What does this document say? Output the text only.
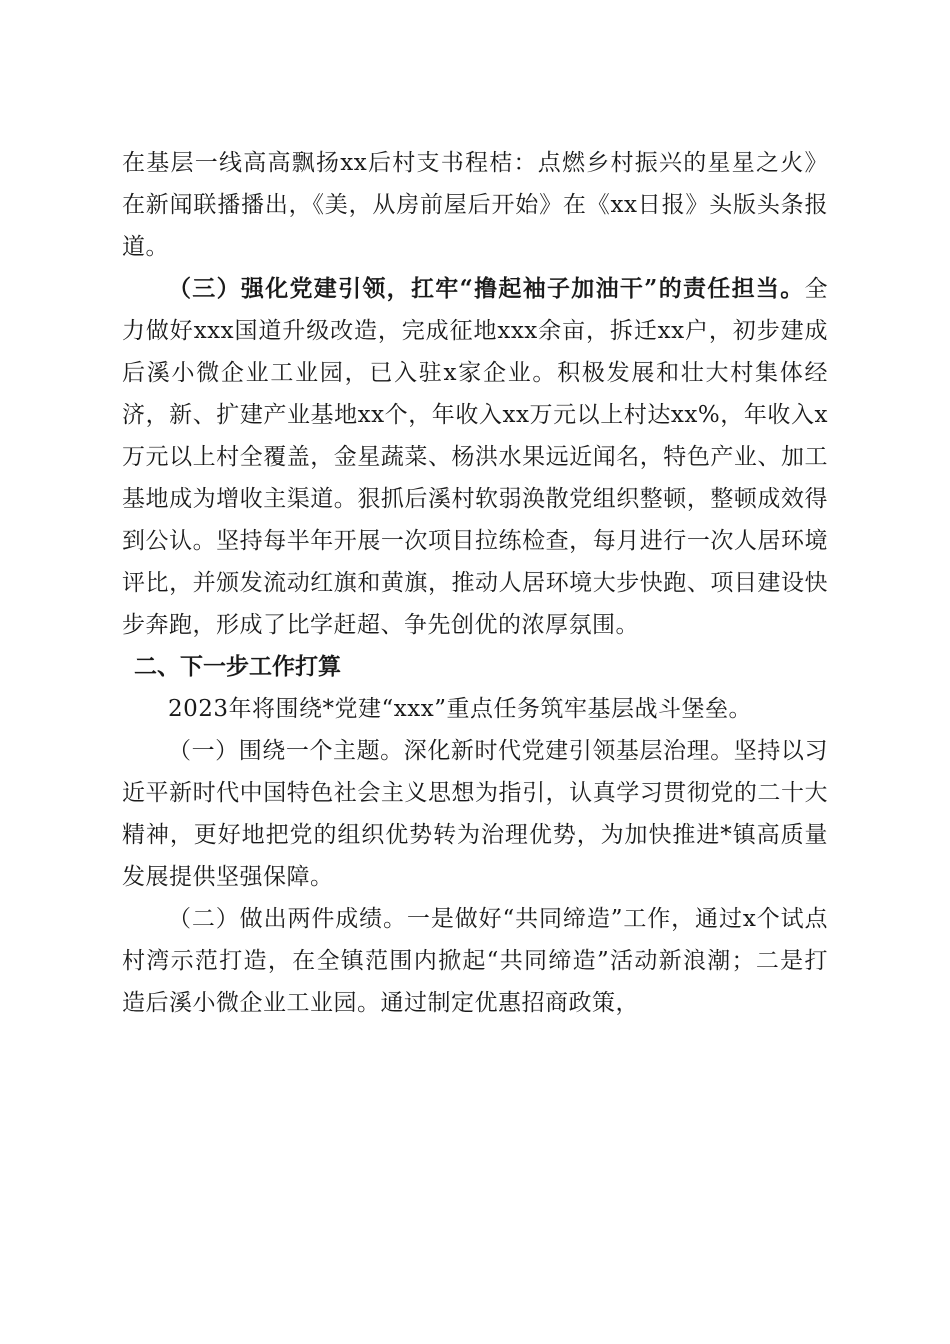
在基层一线高高飘扬xx后村支书程桔：点燃乡村振兴的星星之火》在新闻联播播出，《美，从房前屋后开始》在《xx日报》头版头条报道。

（三）强化党建引领，扛牢“撸起袖子加油干”的责任担当。全力做好xxx国道升级改造，完成征地xxx余亩，拆迁xx户，初步建成后溪小微企业工业园，已入驻x家企业。积极发展和壮大村集体经济，新、扩建产业基地xx个，年收入xx万元以上村达xx%，年收入x万元以上村全覆盖，金星蔬菜、杨洪水果远近闻名，特色产业、加工基地成为增收主渠道。狠抓后溪村软弱涣散党组织整顿，整顿成效得到公认。坚持每半年开展一次项目拉练检查，每月进行一次人居环境评比，并颁发流动红旗和黄旗，推动人居环境大步快跑、项目建设快步奔跑，形成了比学赶超、争先创优的浓厚氛围。

二、下一步工作打算

2023年将围绕*党建“xxx”重点任务筑牢基层战斗堡垒。

（一）围绕一个主题。深化新时代党建引领基层治理。坚持以习近平新时代中国特色社会主义思想为指引，认真学习贯彻党的二十大精神，更好地把党的组织优势转为治理优势，为加快推进*镇高质量发展提供坚强保障。

（二）做出两件成绩。一是做好“共同缔造”工作，通过x个试点村湾示范打造，在全镇范围内掀起“共同缔造”活动新浪潮；二是打造后溪小微企业工业园。通过制定优惠招商政策，
